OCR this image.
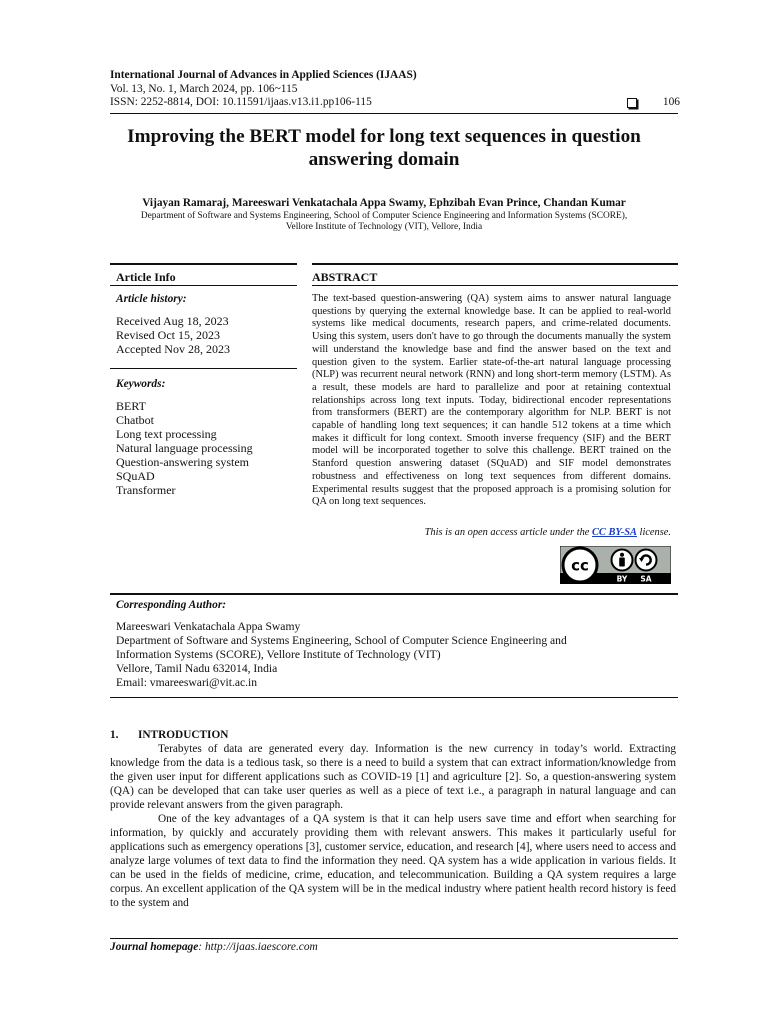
International Journal of Advances in Applied Sciences (IJAAS)
Vol. 13, No. 1, March 2024, pp. 106~115
ISSN: 2252-8814, DOI: 10.11591/ijaas.v13.i1.pp106-115	106
Improving the BERT model for long text sequences in question answering domain
Vijayan Ramaraj, Mareeswari Venkatachala Appa Swamy, Ephzibah Evan Prince, Chandan Kumar
Department of Software and Systems Engineering, School of Computer Science Engineering and Information Systems (SCORE),
Vellore Institute of Technology (VIT), Vellore, India
Article Info	ABSTRACT
Article history:
Received Aug 18, 2023
Revised Oct 15, 2023
Accepted Nov 28, 2023
Keywords:
BERT
Chatbot
Long text processing
Natural language processing
Question-answering system
SQuAD
Transformer
The text-based question-answering (QA) system aims to answer natural language questions by querying the external knowledge base. It can be applied to real-world systems like medical documents, research papers, and crime-related documents. Using this system, users don't have to go through the documents manually the system will understand the knowledge base and find the answer based on the text and question given to the system. Earlier state-of-the-art natural language processing (NLP) was recurrent neural network (RNN) and long short-term memory (LSTM). As a result, these models are hard to parallelize and poor at retaining contextual relationships across long text inputs. Today, bidirectional encoder representations from transformers (BERT) are the contemporary algorithm for NLP. BERT is not capable of handling long text sequences; it can handle 512 tokens at a time which makes it difficult for long context. Smooth inverse frequency (SIF) and the BERT model will be incorporated together to solve this challenge. BERT trained on the Stanford question answering dataset (SQuAD) and SIF model demonstrates robustness and effectiveness on long text sequences from different domains. Experimental results suggest that the proposed approach is a promising solution for QA on long text sequences.
This is an open access article under the CC BY-SA license.
cc
BY SA
Corresponding Author:
Mareeswari Venkatachala Appa Swamy
Department of Software and Systems Engineering, School of Computer Science Engineering and
Information Systems (SCORE), Vellore Institute of Technology (VIT)
Vellore, Tamil Nadu 632014, India
Email: vmareeswari@vit.ac.in
1. INTRODUCTION

Terabytes of data are generated every day. Information is the new currency in today’s world. Extracting knowledge from the data is a tedious task, so there is a need to build a system that can extract information/knowledge from the given user input for different applications such as COVID-19 [1] and agriculture [2]. So, a question-answering system (QA) can be developed that can take user queries as well as a piece of text i.e., a paragraph in natural language and can provide relevant answers from the given paragraph.

One of the key advantages of a QA system is that it can help users save time and effort when searching for information, by quickly and accurately providing them with relevant answers. This makes it particularly useful for applications such as emergency operations [3], customer service, education, and research [4], where users need to access and analyze large volumes of text data to find the information they need. QA system has a wide application in various fields. It can be used in the fields of medicine, crime, education, and telecommunication. Building a QA system requires a large corpus. An excellent application of the QA system will be in the medical industry where patient health record history is feed to the system and

Journal homepage: http://ijaas.iaescore.com
